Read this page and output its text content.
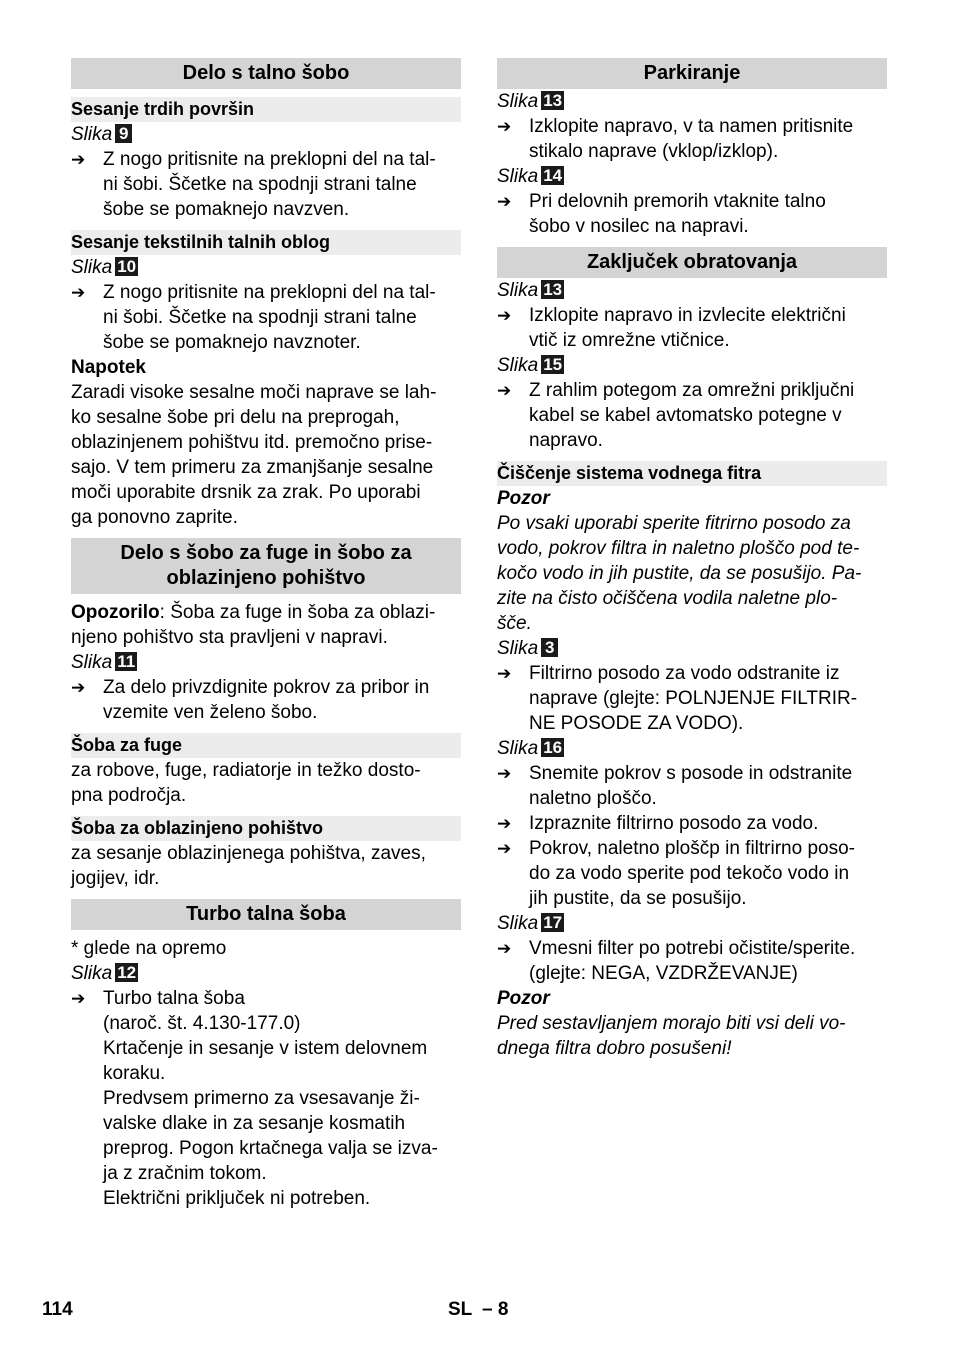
Delo s talno šobo
Sesanje trdih površin
Slika 9
➔ Z nogo pritisnite na preklopni del na tal-
ni šobi. Ščetke na spodnji strani talne
šobe se pomaknejo navzven.
Sesanje tekstilnih talnih oblog
Slika 10
➔ Z nogo pritisnite na preklopni del na tal-
ni šobi. Ščetke na spodnji strani talne
šobe se pomaknejo navznoter.
Napotek
Zaradi visoke sesalne moči naprave se lah-
ko sesalne šobe pri delu na preprogah,
oblazinjenem pohištvu itd. premočno prise-
sajo. V tem primeru za zmanjšanje sesalne
moči uporabite drsnik za zrak. Po uporabi
ga ponovno zaprite.
Delo s šobo za fuge in šobo za
oblazinjeno pohištvo
Opozorilo: Šoba za fuge in šoba za oblazi-
njeno pohištvo sta pravljeni v napravi.
Slika 11
➔ Za delo privzdignite pokrov za pribor in
vzemite ven želeno šobo.
Šoba za fuge
za robove, fuge, radiatorje in težko dosto-
pna področja.
Šoba za oblazinjeno pohištvo
za sesanje oblazinjenega pohištva, zaves,
jogijev, idr.
Turbo talna šoba
* glede na opremo
Slika 12
➔ Turbo talna šoba
(naroč. št. 4.130-177.0)
Krtačenje in sesanje v istem delovnem
koraku.
Predvsem primerno za vsesavanje ži-
valske dlake in za sesanje kosmatih
preprog. Pogon krtačnega valja se izva-
ja z zračnim tokom.
Električni priključek ni potreben.
Parkiranje
Slika 13
➔ Izklopite napravo, v ta namen pritisnite
stikalo naprave (vklop/izklop).
Slika 14
➔ Pri delovnih premorih vtaknite talno
šobo v nosilec na napravi.
Zaključek obratovanja
Slika 13
➔ Izklopite napravo in izvlecite električni
vtič iz omrežne vtičnice.
Slika 15
➔ Z rahlim potegom za omrežni priključni
kabel se kabel avtomatsko potegne v
napravo.
Čiščenje sistema vodnega fitra
Pozor
Po vsaki uporabi sperite fitrirno posodo za
vodo, pokrov filtra in naletno ploščo pod te-
kočo vodo in jih pustite, da se posušijo. Pa-
zite na čisto očiščena vodila naletne plo-
šče.
Slika 3
➔ Filtrirno posodo za vodo odstranite iz
naprave (glejte: POLNJENJE FILTRIR-
NE POSODE ZA VODO).
Slika 16
➔ Snemite pokrov s posode in odstranite
naletno ploščo.
➔ Izpraznite filtrirno posodo za vodo.
➔ Pokrov, naletno ploščp in filtrirno poso-
do za vodo sperite pod tekočo vodo in
jih pustite, da se posušijo.
Slika 17
➔ Vmesni filter po potrebi očistite/sperite.
(glejte: NEGA, VZDRŽEVANJE)
Pozor
Pred sestavljanjem morajo biti vsi deli vo-
dnega filtra dobro posušeni!
114	SL – 8
